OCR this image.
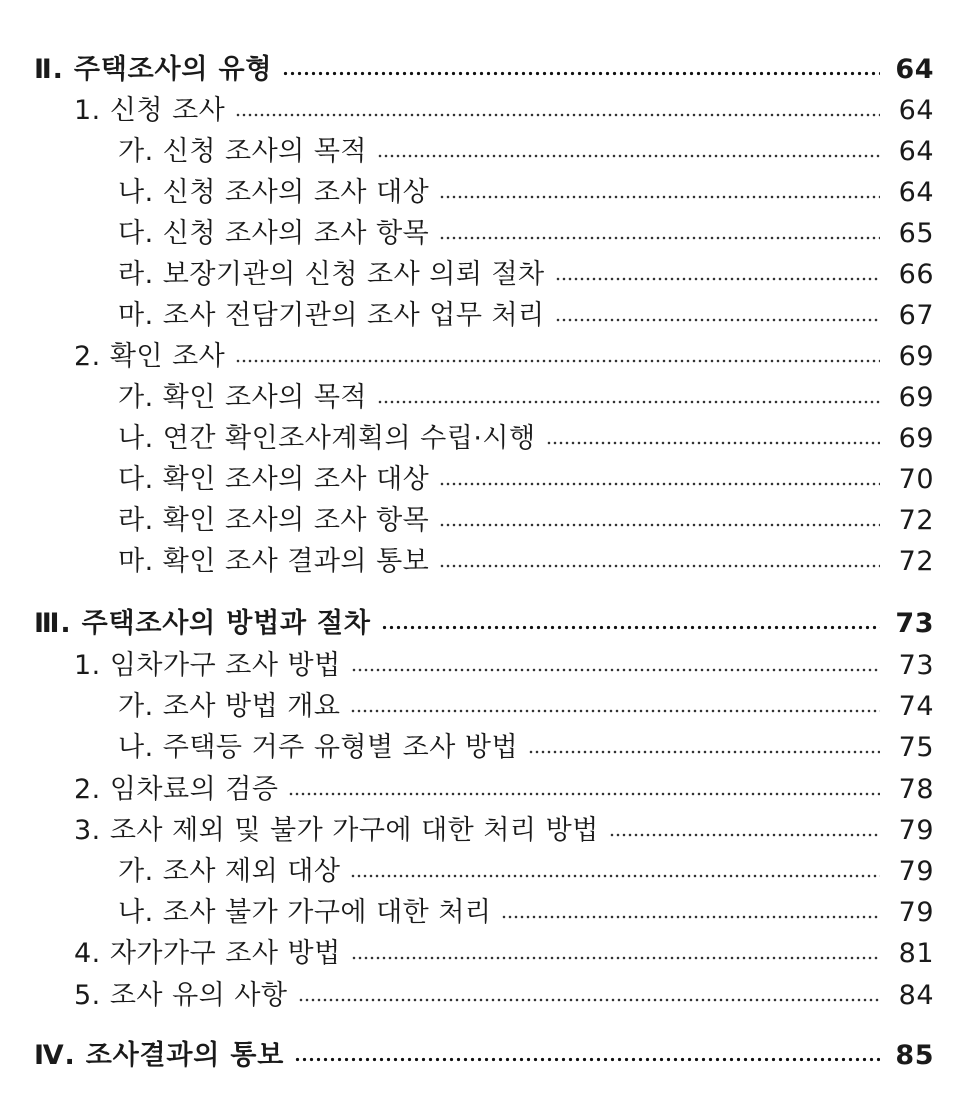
Ⅱ. 주택조사의 유형	64
1. 신청 조사	64
가. 신청 조사의 목적	64
나. 신청 조사의 조사 대상	64
다. 신청 조사의 조사 항목	65
라. 보장기관의 신청 조사 의뢰 절차	66
마. 조사 전담기관의 조사 업무 처리	67
2. 확인 조사	69
가. 확인 조사의 목적	69
나. 연간 확인조사계획의 수립·시행	69
다. 확인 조사의 조사 대상	70
라. 확인 조사의 조사 항목	72
마. 확인 조사 결과의 통보	72
Ⅲ. 주택조사의 방법과 절차	73
1. 임차가구 조사 방법	73
가. 조사 방법 개요	74
나. 주택등 거주 유형별 조사 방법	75
2. 임차료의 검증	78
3. 조사 제외 및 불가 가구에 대한 처리 방법	79
가. 조사 제외 대상	79
나. 조사 불가 가구에 대한 처리	79
4. 자가가구 조사 방법	81
5. 조사 유의 사항	84
Ⅳ. 조사결과의 통보	85
